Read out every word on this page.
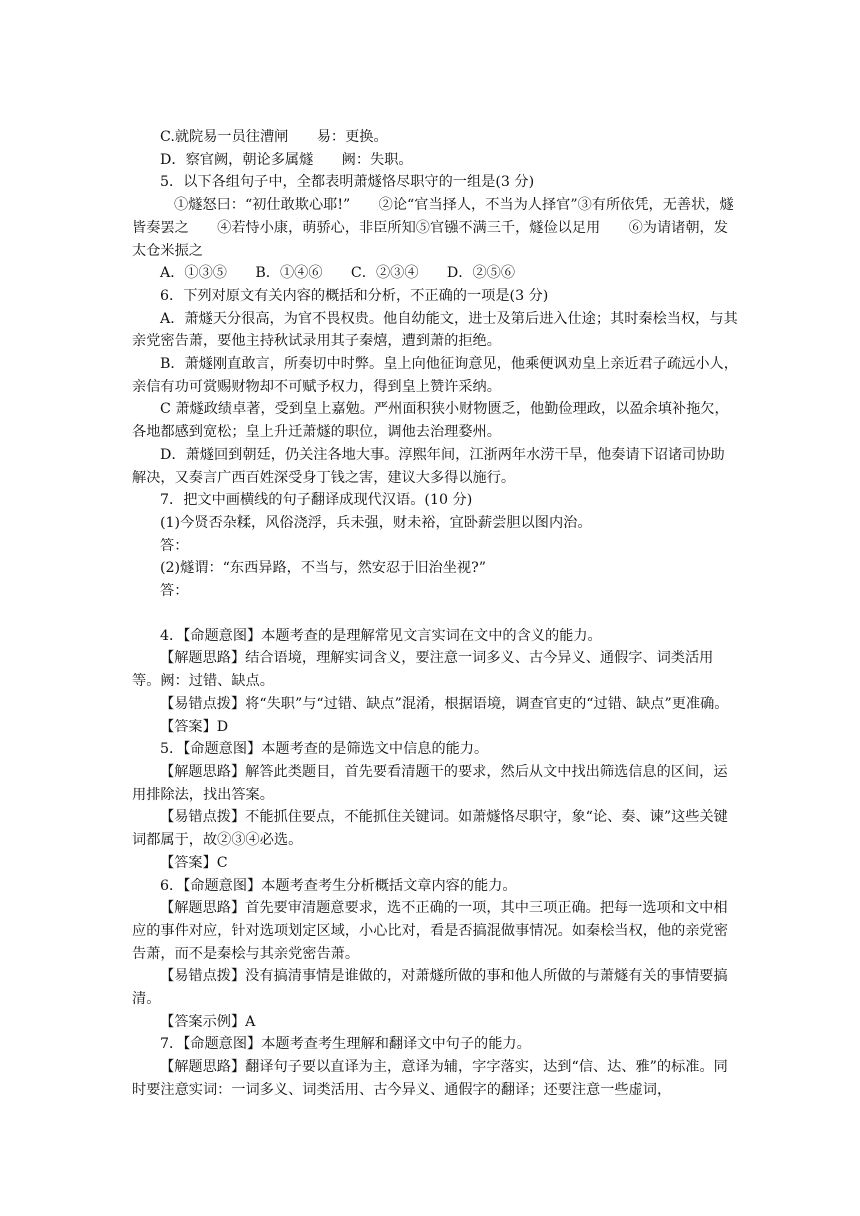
C.就院易一员往漕闸　　易：更换。

D．察官阙，朝论多属燧　　阙：失职。

5．以下各组句子中，全都表明萧燧恪尽职守的一组是(3 分)

①燧怒曰：“初仕敢欺心耶!”　　②论“官当择人，不当为人择官”③有所依凭，无善状，燧皆奏罢之　　④若恃小康，萌骄心，非臣所知⑤官镪不满三千，燧俭以足用　　⑥为请诸朝，发太仓米振之

A．①③⑤　　B．①④⑥　　C．②③④　　D．②⑤⑥

6．下列对原文有关内容的概括和分析，不正确的一项是(3 分)

A．萧燧天分很高，为官不畏权贵。他自幼能文，进士及第后进入仕途；其时秦桧当权，与其亲党密告萧，要他主持秋试录用其子秦熺，遭到萧的拒绝。

B．萧燧刚直敢言，所奏切中时弊。皇上向他征询意见，他乘便讽劝皇上亲近君子疏远小人，亲信有功可赏赐财物却不可赋予权力，得到皇上赞许采纳。

C 萧燧政绩卓著，受到皇上嘉勉。严州面积狭小财物匮乏，他勤俭理政，以盈余填补拖欠，各地都感到宽松；皇上升迁萧燧的职位，调他去治理婺州。

D．萧燧回到朝廷，仍关注各地大事。淳熙年间，江浙两年水涝干旱，他奏请下诏诸司协助解决，又奏言广西百姓深受身丁钱之害，建议大多得以施行。

7．把文中画横线的句子翻译成现代汉语。(10 分)

(1)今贤否杂糅，风俗浇浮，兵未强，财未裕，宜卧薪尝胆以图内治。

答：

(2)燧谓：“东西异路，不当与，然安忍于旧治坐视?”

答：

4．【命题意图】本题考查的是理解常见文言实词在文中的含义的能力。

【解题思路】结合语境，理解实词含义，要注意一词多义、古今异义、通假字、词类活用等。阙：过错、缺点。

【易错点拨】将“失职”与“过错、缺点”混淆，根据语境，调查官吏的“过错、缺点”更准确。

【答案】D

5．【命题意图】本题考查的是筛选文中信息的能力。

【解题思路】解答此类题目，首先要看清题干的要求，然后从文中找出筛选信息的区间，运用排除法，找出答案。

【易错点拨】不能抓住要点，不能抓住关键词。如萧燧恪尽职守，象“论、奏、谏”这些关键词都属于，故②③④必选。

【答案】C

6．【命题意图】本题考查考生分析概括文章内容的能力。

【解题思路】首先要审清题意要求，选不正确的一项，其中三项正确。把每一选项和文中相应的事件对应，针对选项划定区域，小心比对，看是否搞混做事情况。如秦桧当权，他的亲党密告萧，而不是秦桧与其亲党密告萧。

【易错点拨】没有搞清事情是谁做的，对萧燧所做的事和他人所做的与萧燧有关的事情要搞清。

【答案示例】A

7．【命题意图】本题考查考生理解和翻译文中句子的能力。

【解题思路】翻译句子要以直译为主，意译为辅，字字落实，达到“信、达、雅”的标准。同时要注意实词：一词多义、词类活用、古今异义、通假字的翻译；还要注意一些虚词，
